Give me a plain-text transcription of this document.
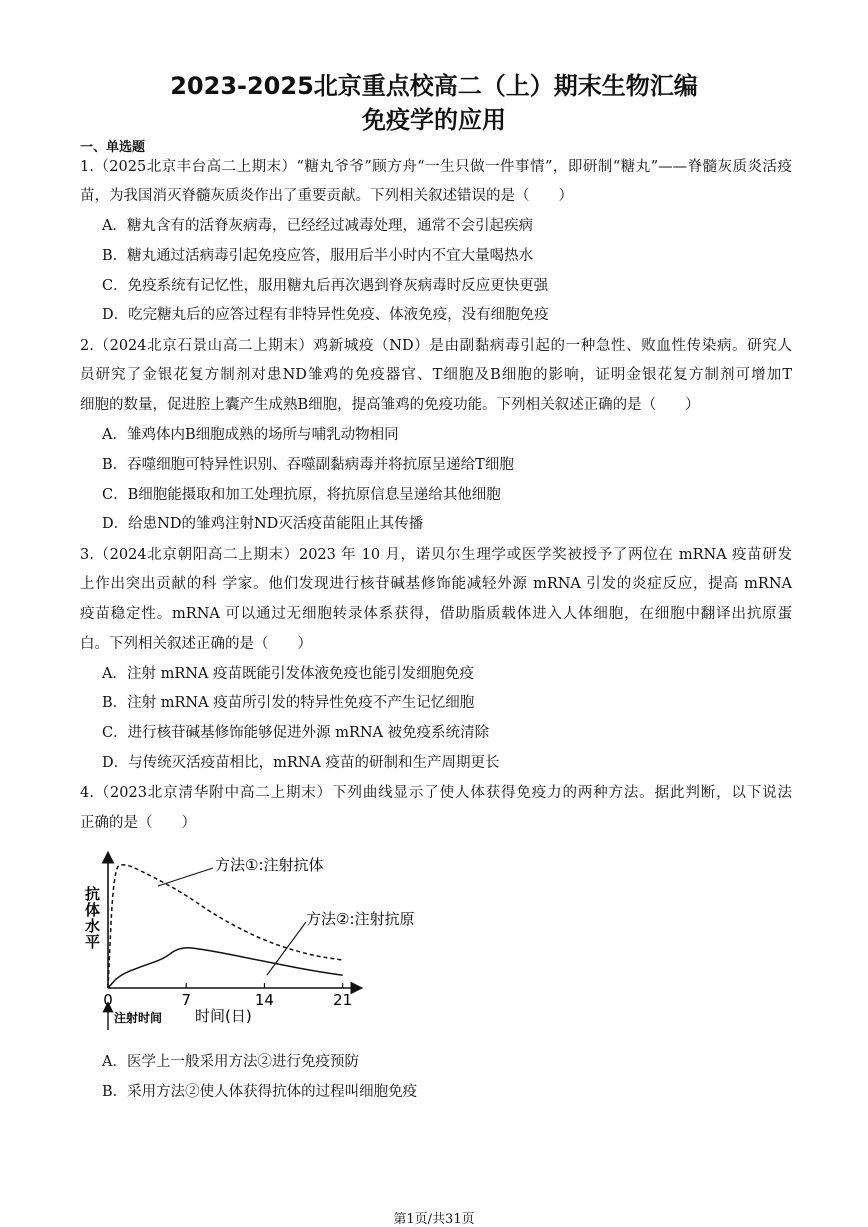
2023-2025北京重点校高二（上）期末生物汇编
免疫学的应用
一、单选题
1.（2025北京丰台高二上期末）“糖丸爷爷”顾方舟“一生只做一件事情”，即研制“糖丸”——脊髓灰质炎活疫
苗，为我国消灭脊髓灰质炎作出了重要贡献。下列相关叙述错误的是（　　）
A．糖丸含有的活脊灰病毒，已经经过减毒处理，通常不会引起疾病
B．糖丸通过活病毒引起免疫应答，服用后半小时内不宜大量喝热水
C．免疫系统有记忆性，服用糖丸后再次遇到脊灰病毒时反应更快更强
D．吃完糖丸后的应答过程有非特异性免疫、体液免疫，没有细胞免疫
2.（2024北京石景山高二上期末）鸡新城疫（ND）是由副黏病毒引起的一种急性、败血性传染病。研究人
员研究了金银花复方制剂对患ND雏鸡的免疫器官、T细胞及B细胞的影响，证明金银花复方制剂可增加T
细胞的数量，促进腔上囊产生成熟B细胞，提高雏鸡的免疫功能。下列相关叙述正确的是（　　）
A．雏鸡体内B细胞成熟的场所与哺乳动物相同
B．吞噬细胞可特异性识别、吞噬副黏病毒并将抗原呈递给T细胞
C．B细胞能摄取和加工处理抗原，将抗原信息呈递给其他细胞
D．给患ND的雏鸡注射ND灭活疫苗能阻止其传播
3.（2024北京朝阳高二上期末）2023 年 10 月，诺贝尔生理学或医学奖被授予了两位在 mRNA 疫苗研发
上作出突出贡献的科 学家。他们发现进行核苷碱基修饰能减轻外源 mRNA 引发的炎症反应，提高 mRNA
疫苗稳定性。mRNA 可以通过无细胞转录体系获得，借助脂质载体进入人体细胞，在细胞中翻译出抗原蛋
白。下列相关叙述正确的是（　　）
A．注射 mRNA 疫苗既能引发体液免疫也能引发细胞免疫
B．注射 mRNA 疫苗所引发的特异性免疫不产生记忆细胞
C．进行核苷碱基修饰能够促进外源 mRNA 被免疫系统清除
D．与传统灭活疫苗相比，mRNA 疫苗的研制和生产周期更长
4.（2023北京清华附中高二上期末）下列曲线显示了使人体获得免疫力的两种方法。据此判断，以下说法
正确的是（　　）
抗体水平
0	7	14	21
方法①:注射抗体
方法②:注射抗原
注射时间 时间(日)
A．医学上一般采用方法②进行免疫预防
B．采用方法②使人体获得抗体的过程叫细胞免疫
第1页/共31页
